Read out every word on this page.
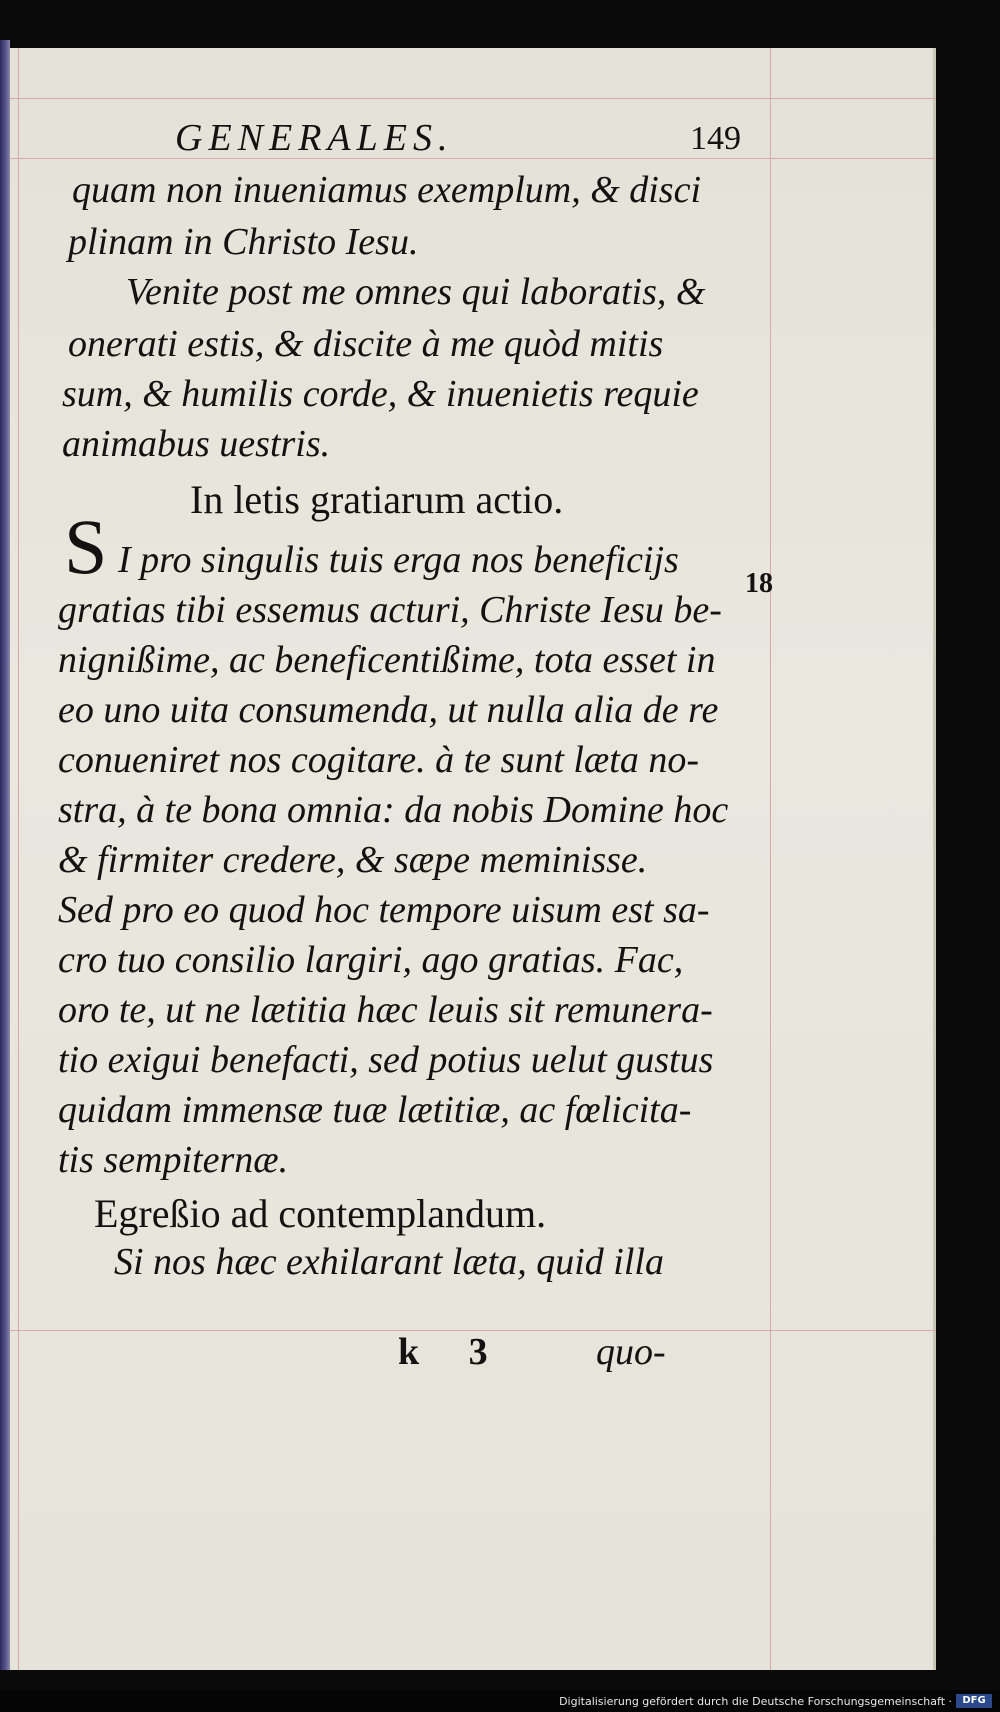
GENERALES.	149
quam non inueniamus exemplum, & disci
plinam in Christo Iesu.
Venite post me omnes qui laboratis, &
onerati estis, & discite à me quòd mitis
sum, & humilis corde, & inuenietis requie
animabus uestris.
In letis gratiarum actio.
S I pro singulis tuis erga nos beneficijs
18
gratias tibi essemus acturi, Christe Iesu be-
nignißime, ac beneficentißime, tota esset in
eo uno uita consumenda, ut nulla alia de re
conueniret nos cogitare. à te sunt læta no-
stra, à te bona omnia: da nobis Domine hoc
& firmiter credere, & sæpe meminisse.
Sed pro eo quod hoc tempore uisum est sa-
cro tuo consilio largiri, ago gratias. Fac,
oro te, ut ne lætitia hæc leuis sit remunera-
tio exigui benefacti, sed potius uelut gustus
quidam immensæ tuæ lætitiæ, ac fœlicita-
tis sempiternæ.
Egreßio ad contemplandum.
Si nos hæc exhilarant læta, quid illa
k 3	quo-
Digitalisierung gefördert durch die Deutsche Forschungsgemeinschaft ·	DFG
